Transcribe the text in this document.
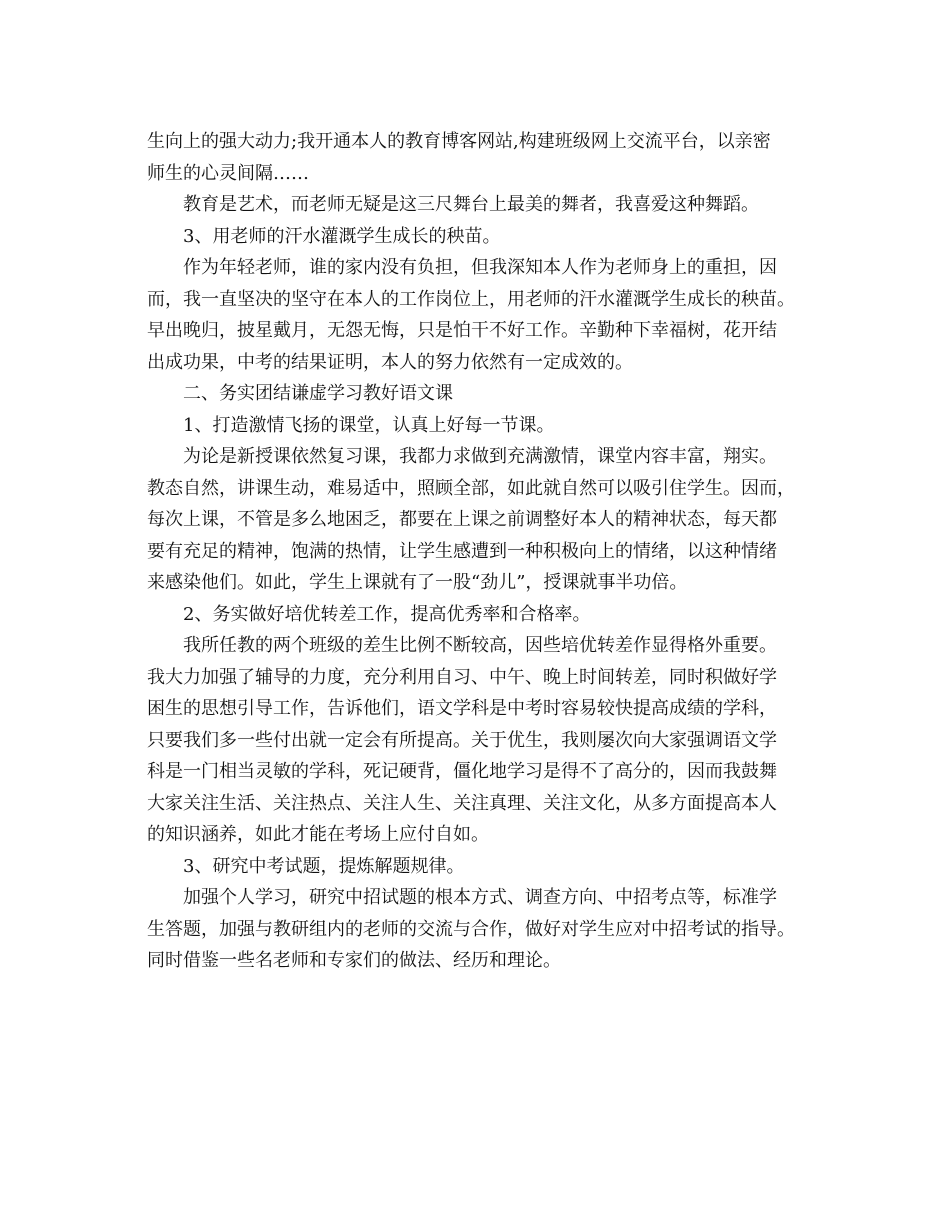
生向上的强大动力;我开通本人的教育博客网站,构建班级网上交流平台，以亲密

师生的心灵间隔……

教育是艺术，而老师无疑是这三尺舞台上最美的舞者，我喜爱这种舞蹈。

3、用老师的汗水灌溉学生成长的秧苗。

作为年轻老师，谁的家内没有负担，但我深知本人作为老师身上的重担，因

而，我一直坚决的坚守在本人的工作岗位上，用老师的汗水灌溉学生成长的秧苗。

早出晚归，披星戴月，无怨无悔，只是怕干不好工作。辛勤种下幸福树，花开结

出成功果，中考的结果证明，本人的努力依然有一定成效的。

二、务实团结谦虚学习教好语文课

1、打造激情飞扬的课堂，认真上好每一节课。

为论是新授课依然复习课，我都力求做到充满激情，课堂内容丰富，翔实。

教态自然，讲课生动，难易适中，照顾全部，如此就自然可以吸引住学生。因而，

每次上课，不管是多么地困乏，都要在上课之前调整好本人的精神状态，每天都

要有充足的精神，饱满的热情，让学生感遭到一种积极向上的情绪，以这种情绪

来感染他们。如此，学生上课就有了一股“劲儿”，授课就事半功倍。

2、务实做好培优转差工作，提高优秀率和合格率。

我所任教的两个班级的差生比例不断较高，因些培优转差作显得格外重要。

我大力加强了辅导的力度，充分利用自习、中午、晚上时间转差，同时积做好学

困生的思想引导工作，告诉他们，语文学科是中考时容易较快提高成绩的学科，

只要我们多一些付出就一定会有所提高。关于优生，我则屡次向大家强调语文学

科是一门相当灵敏的学科，死记硬背，僵化地学习是得不了高分的，因而我鼓舞

大家关注生活、关注热点、关注人生、关注真理、关注文化，从多方面提高本人

的知识涵养，如此才能在考场上应付自如。

3、研究中考试题，提炼解题规律。

加强个人学习，研究中招试题的根本方式、调查方向、中招考点等，标准学

生答题，加强与教研组内的老师的交流与合作，做好对学生应对中招考试的指导。

同时借鉴一些名老师和专家们的做法、经历和理论。
